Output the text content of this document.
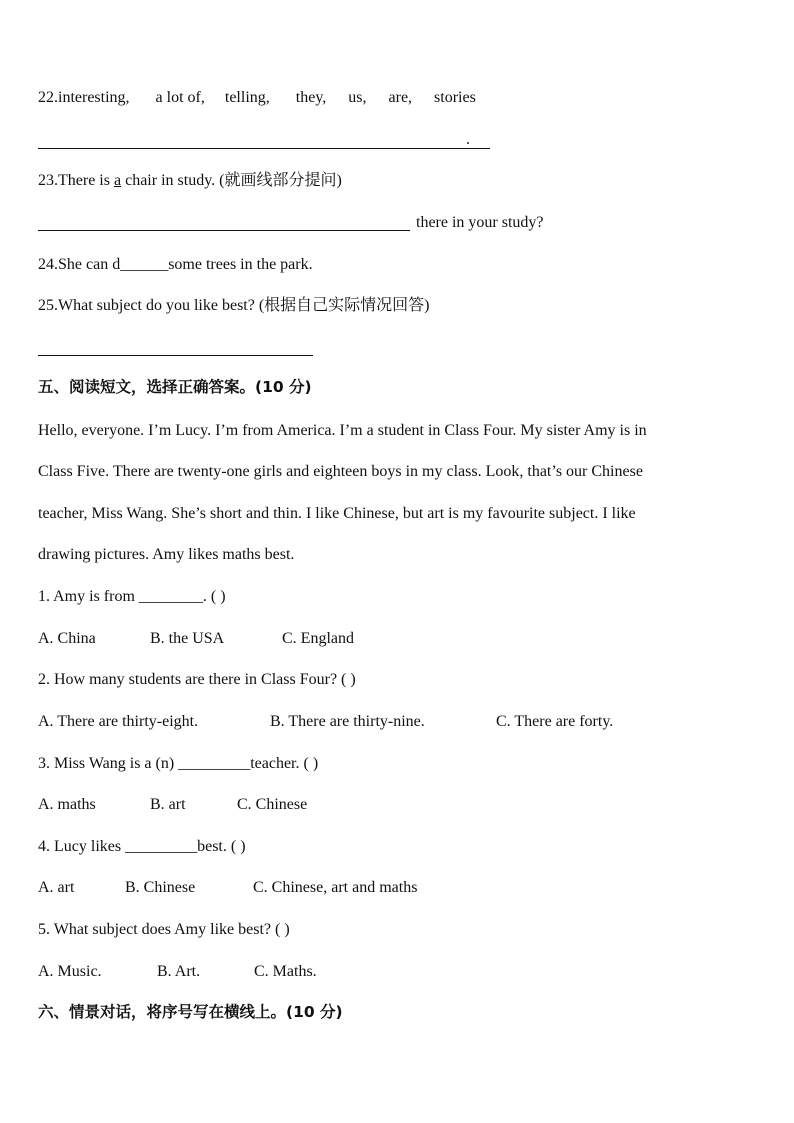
22.interesting, a lot of, telling, they, us, are, stories
.
23.There is a chair in study. (就画线部分提问)
there in your study?
24.She can d______some trees in the park.
25.What subject do you like best? (根据自己实际情况回答)
五、阅读短文，选择正确答案。(10 分)
Hello, everyone. I’m Lucy. I’m from America. I’m a student in Class Four. My sister Amy is in
Class Five. There are twenty-one girls and eighteen boys in my class. Look, that’s our Chinese
teacher, Miss Wang. She’s short and thin. I like Chinese, but art is my favourite subject. I like
drawing pictures. Amy likes maths best.
1. Amy is from ________. ( )
A. China	B. the USA	C. England
2. How many students are there in Class Four? ( )
A. There are thirty-eight.	B. There are thirty-nine.	C. There are forty.
3. Miss Wang is a (n) _________teacher. ( )
A. maths	B. art	C. Chinese
4. Lucy likes _________best. ( )
A. art	B. Chinese	C. Chinese, art and maths
5. What subject does Amy like best? ( )
A. Music.	B. Art.	C. Maths.
六、情景对话，将序号写在横线上。(10 分)
